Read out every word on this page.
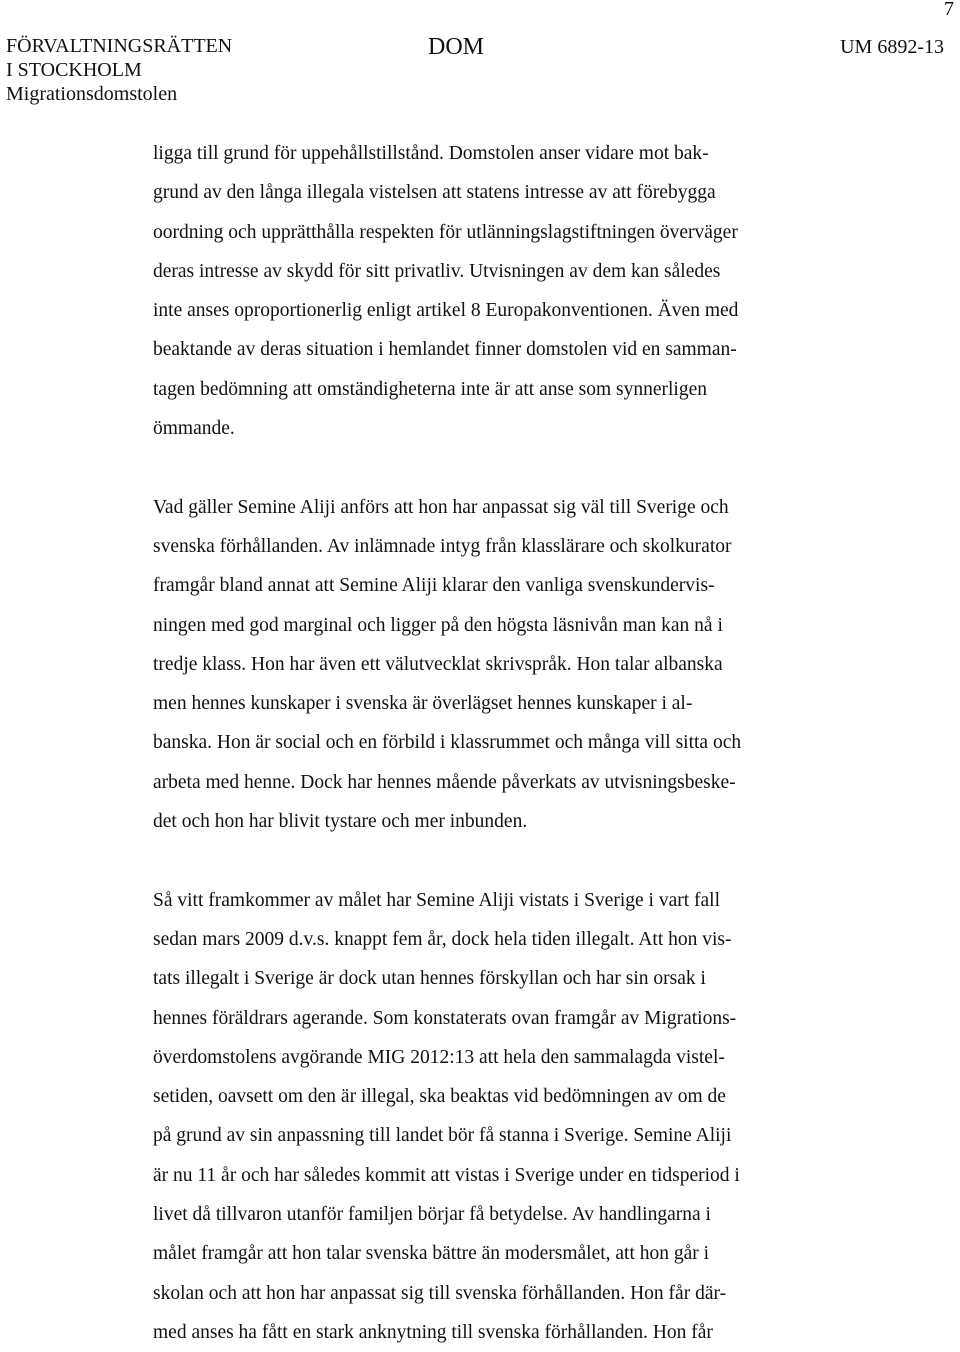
7
FÖRVALTNINGSRÄTTEN
I STOCKHOLM
Migrationsdomstolen
DOM	UM 6892-13
ligga till grund för uppehållstillstånd. Domstolen anser vidare mot bak-
grund av den långa illegala vistelsen att statens intresse av att förebygga
oordning och upprätthålla respekten för utlänningslagstiftningen överväger
deras intresse av skydd för sitt privatliv. Utvisningen av dem kan således
inte anses oproportionerlig enligt artikel 8 Europakonventionen. Även med
beaktande av deras situation i hemlandet finner domstolen vid en samman-
tagen bedömning att omständigheterna inte är att anse som synnerligen
ömmande.
Vad gäller Semine Aliji anförs att hon har anpassat sig väl till Sverige och
svenska förhållanden. Av inlämnade intyg från klasslärare och skolkurator
framgår bland annat att Semine Aliji klarar den vanliga svenskundervis-
ningen med god marginal och ligger på den högsta läsnivån man kan nå i
tredje klass. Hon har även ett välutvecklat skrivspråk. Hon talar albanska
men hennes kunskaper i svenska är överlägset hennes kunskaper i al-
banska. Hon är social och en förbild i klassrummet och många vill sitta och
arbeta med henne. Dock har hennes mående påverkats av utvisningsbeske-
det och hon har blivit tystare och mer inbunden.
Så vitt framkommer av målet har Semine Aliji vistats i Sverige i vart fall
sedan mars 2009 d.v.s. knappt fem år, dock hela tiden illegalt. Att hon vis-
tats illegalt i Sverige är dock utan hennes förskyllan och har sin orsak i
hennes föräldrars agerande. Som konstaterats ovan framgår av Migrations-
överdomstolens avgörande MIG 2012:13 att hela den sammalagda vistel-
setiden, oavsett om den är illegal, ska beaktas vid bedömningen av om de
på grund av sin anpassning till landet bör få stanna i Sverige. Semine Aliji
är nu 11 år och har således kommit att vistas i Sverige under en tidsperiod i
livet då tillvaron utanför familjen börjar få betydelse. Av handlingarna i
målet framgår att hon talar svenska bättre än modersmålet, att hon går i
skolan och att hon har anpassat sig till svenska förhållanden. Hon får där-
med anses ha fått en stark anknytning till svenska förhållanden. Hon får
